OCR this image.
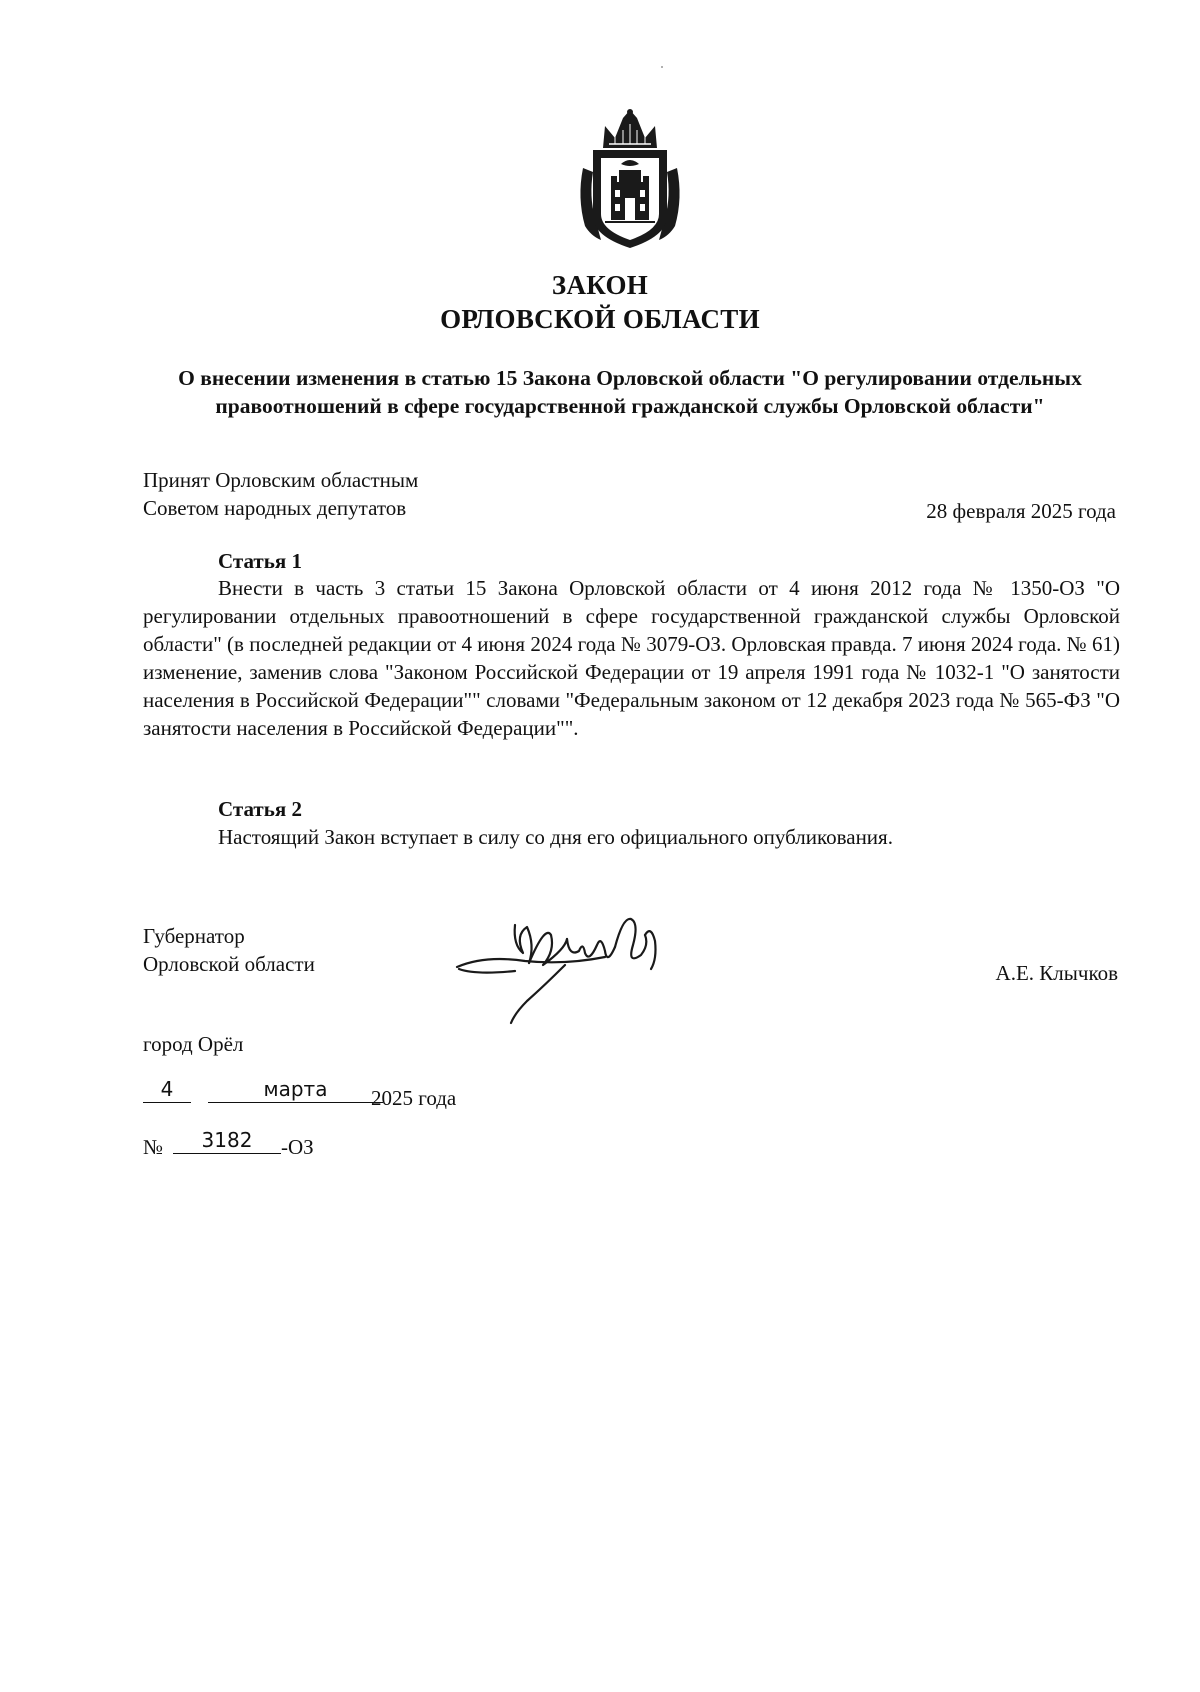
ЗАКОН
ОРЛОВСКОЙ ОБЛАСТИ
О внесении изменения в статью 15 Закона Орловской области "О регулировании отдельных правоотношений в сфере государственной гражданской службы Орловской области"
Принят Орловским областным
Советом народных депутатов	28 февраля 2025 года
Статья 1
Внести в часть 3 статьи 15 Закона Орловской области от 4 июня 2012 года № 1350-ОЗ "О регулировании отдельных правоотношений в сфере государственной гражданской службы Орловской области" (в последней редакции от 4 июня 2024 года № 3079-ОЗ. Орловская правда. 7 июня 2024 года. № 61) изменение, заменив слова "Законом Российской Федерации от 19 апреля 1991 года № 1032-1 "О занятости населения в Российской Федерации"" словами "Федеральным законом от 12 декабря 2023 года № 565-ФЗ "О занятости населения в Российской Федерации"".
Статья 2
Настоящий Закон вступает в силу со дня его официального опубликования.
Губернатор
Орловской области	А.Е. Клычков
город Орёл
4	марта	2025 года
№	3182	-ОЗ
